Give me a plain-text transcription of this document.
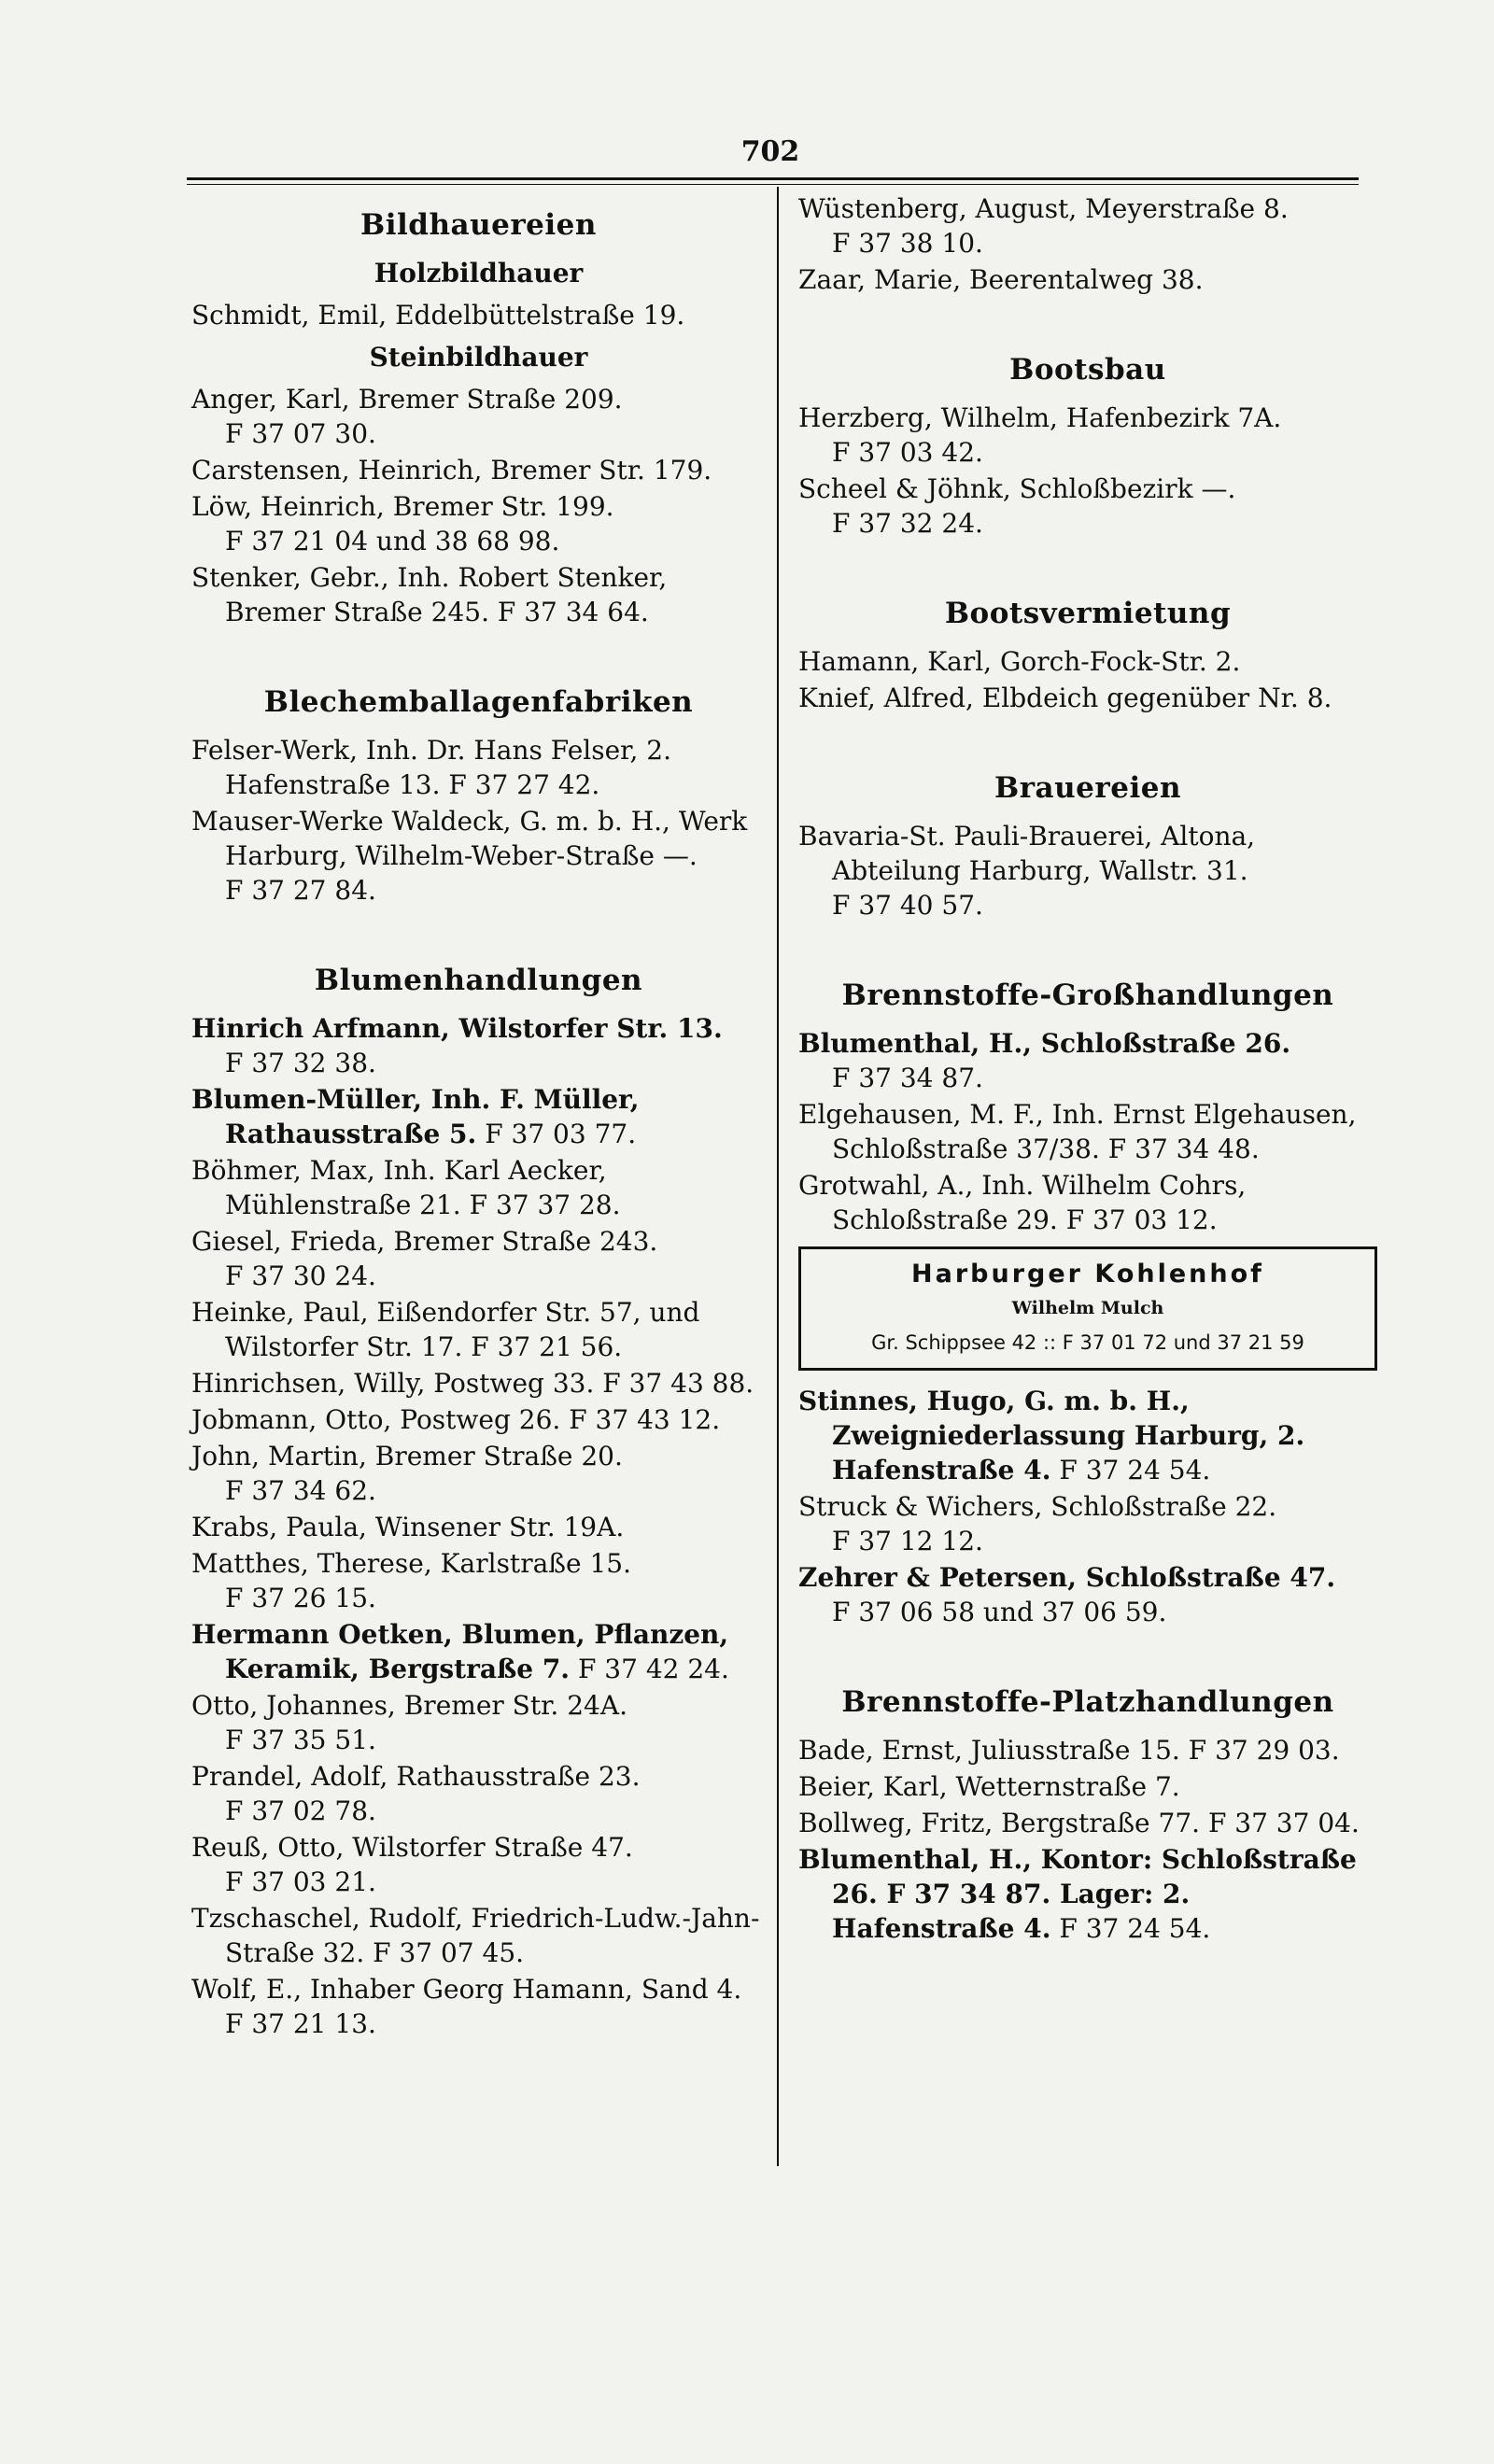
702
Bildhauereien
Holzbildhauer
Schmidt, Emil, Eddelbüttelstraße 19.
Steinbildhauer
Anger, Karl, Bremer Straße 209. F 37 07 30.
Carstensen, Heinrich, Bremer Str. 179.
Löw, Heinrich, Bremer Str. 199. F 37 21 04 und 38 68 98.
Stenker, Gebr., Inh. Robert Stenker, Bremer Straße 245. F 37 34 64.
Blechemballagenfabriken
Felser-Werk, Inh. Dr. Hans Felser, 2. Hafenstraße 13. F 37 27 42.
Mauser-Werke Waldeck, G. m. b. H., Werk Harburg, Wilhelm-Weber-Straße —. F 37 27 84.
Blumenhandlungen
Hinrich Arfmann, Wilstorfer Str. 13. F 37 32 38.
Blumen-Müller, Inh. F. Müller, Rathausstraße 5. F 37 03 77.
Böhmer, Max, Inh. Karl Aecker, Mühlenstraße 21. F 37 37 28.
Giesel, Frieda, Bremer Straße 243. F 37 30 24.
Heinke, Paul, Eißendorfer Str. 57, und Wilstorfer Str. 17. F 37 21 56.
Hinrichsen, Willy, Postweg 33. F 37 43 88.
Jobmann, Otto, Postweg 26. F 37 43 12.
John, Martin, Bremer Straße 20. F 37 34 62.
Krabs, Paula, Winsener Str. 19A.
Matthes, Therese, Karlstraße 15. F 37 26 15.
Hermann Oetken, Blumen, Pflanzen, Keramik, Bergstraße 7. F 37 42 24.
Otto, Johannes, Bremer Str. 24A. F 37 35 51.
Prandel, Adolf, Rathausstraße 23. F 37 02 78.
Reuß, Otto, Wilstorfer Straße 47. F 37 03 21.
Tzschaschel, Rudolf, Friedrich-Ludw.-Jahn-Straße 32. F 37 07 45.
Wolf, E., Inhaber Georg Hamann, Sand 4. F 37 21 13.
Wüstenberg, August, Meyerstraße 8. F 37 38 10.
Zaar, Marie, Beerentalweg 38.
Bootsbau
Herzberg, Wilhelm, Hafenbezirk 7A. F 37 03 42.
Scheel & Jöhnk, Schloßbezirk —. F 37 32 24.
Bootsvermietung
Hamann, Karl, Gorch-Fock-Str. 2.
Knief, Alfred, Elbdeich gegenüber Nr. 8.
Brauereien
Bavaria-St. Pauli-Brauerei, Altona, Abteilung Harburg, Wallstr. 31. F 37 40 57.
Brennstoffe-Großhandlungen
Blumenthal, H., Schloßstraße 26. F 37 34 87.
Elgehausen, M. F., Inh. Ernst Elgehausen, Schloßstraße 37/38. F 37 34 48.
Grotwahl, A., Inh. Wilhelm Cohrs, Schloßstraße 29. F 37 03 12.
Harburger Kohlenhof
Wilhelm Mulch
Gr. Schippsee 42 :: F 37 01 72 und 37 21 59
Stinnes, Hugo, G. m. b. H., Zweigniederlassung Harburg, 2. Hafenstraße 4. F 37 24 54.
Struck & Wichers, Schloßstraße 22. F 37 12 12.
Zehrer & Petersen, Schloßstraße 47. F 37 06 58 und 37 06 59.
Brennstoffe-Platzhandlungen
Bade, Ernst, Juliusstraße 15. F 37 29 03.
Beier, Karl, Wetternstraße 7.
Bollweg, Fritz, Bergstraße 77. F 37 37 04.
Blumenthal, H., Kontor: Schloßstraße 26. F 37 34 87. Lager: 2. Hafenstraße 4. F 37 24 54.
